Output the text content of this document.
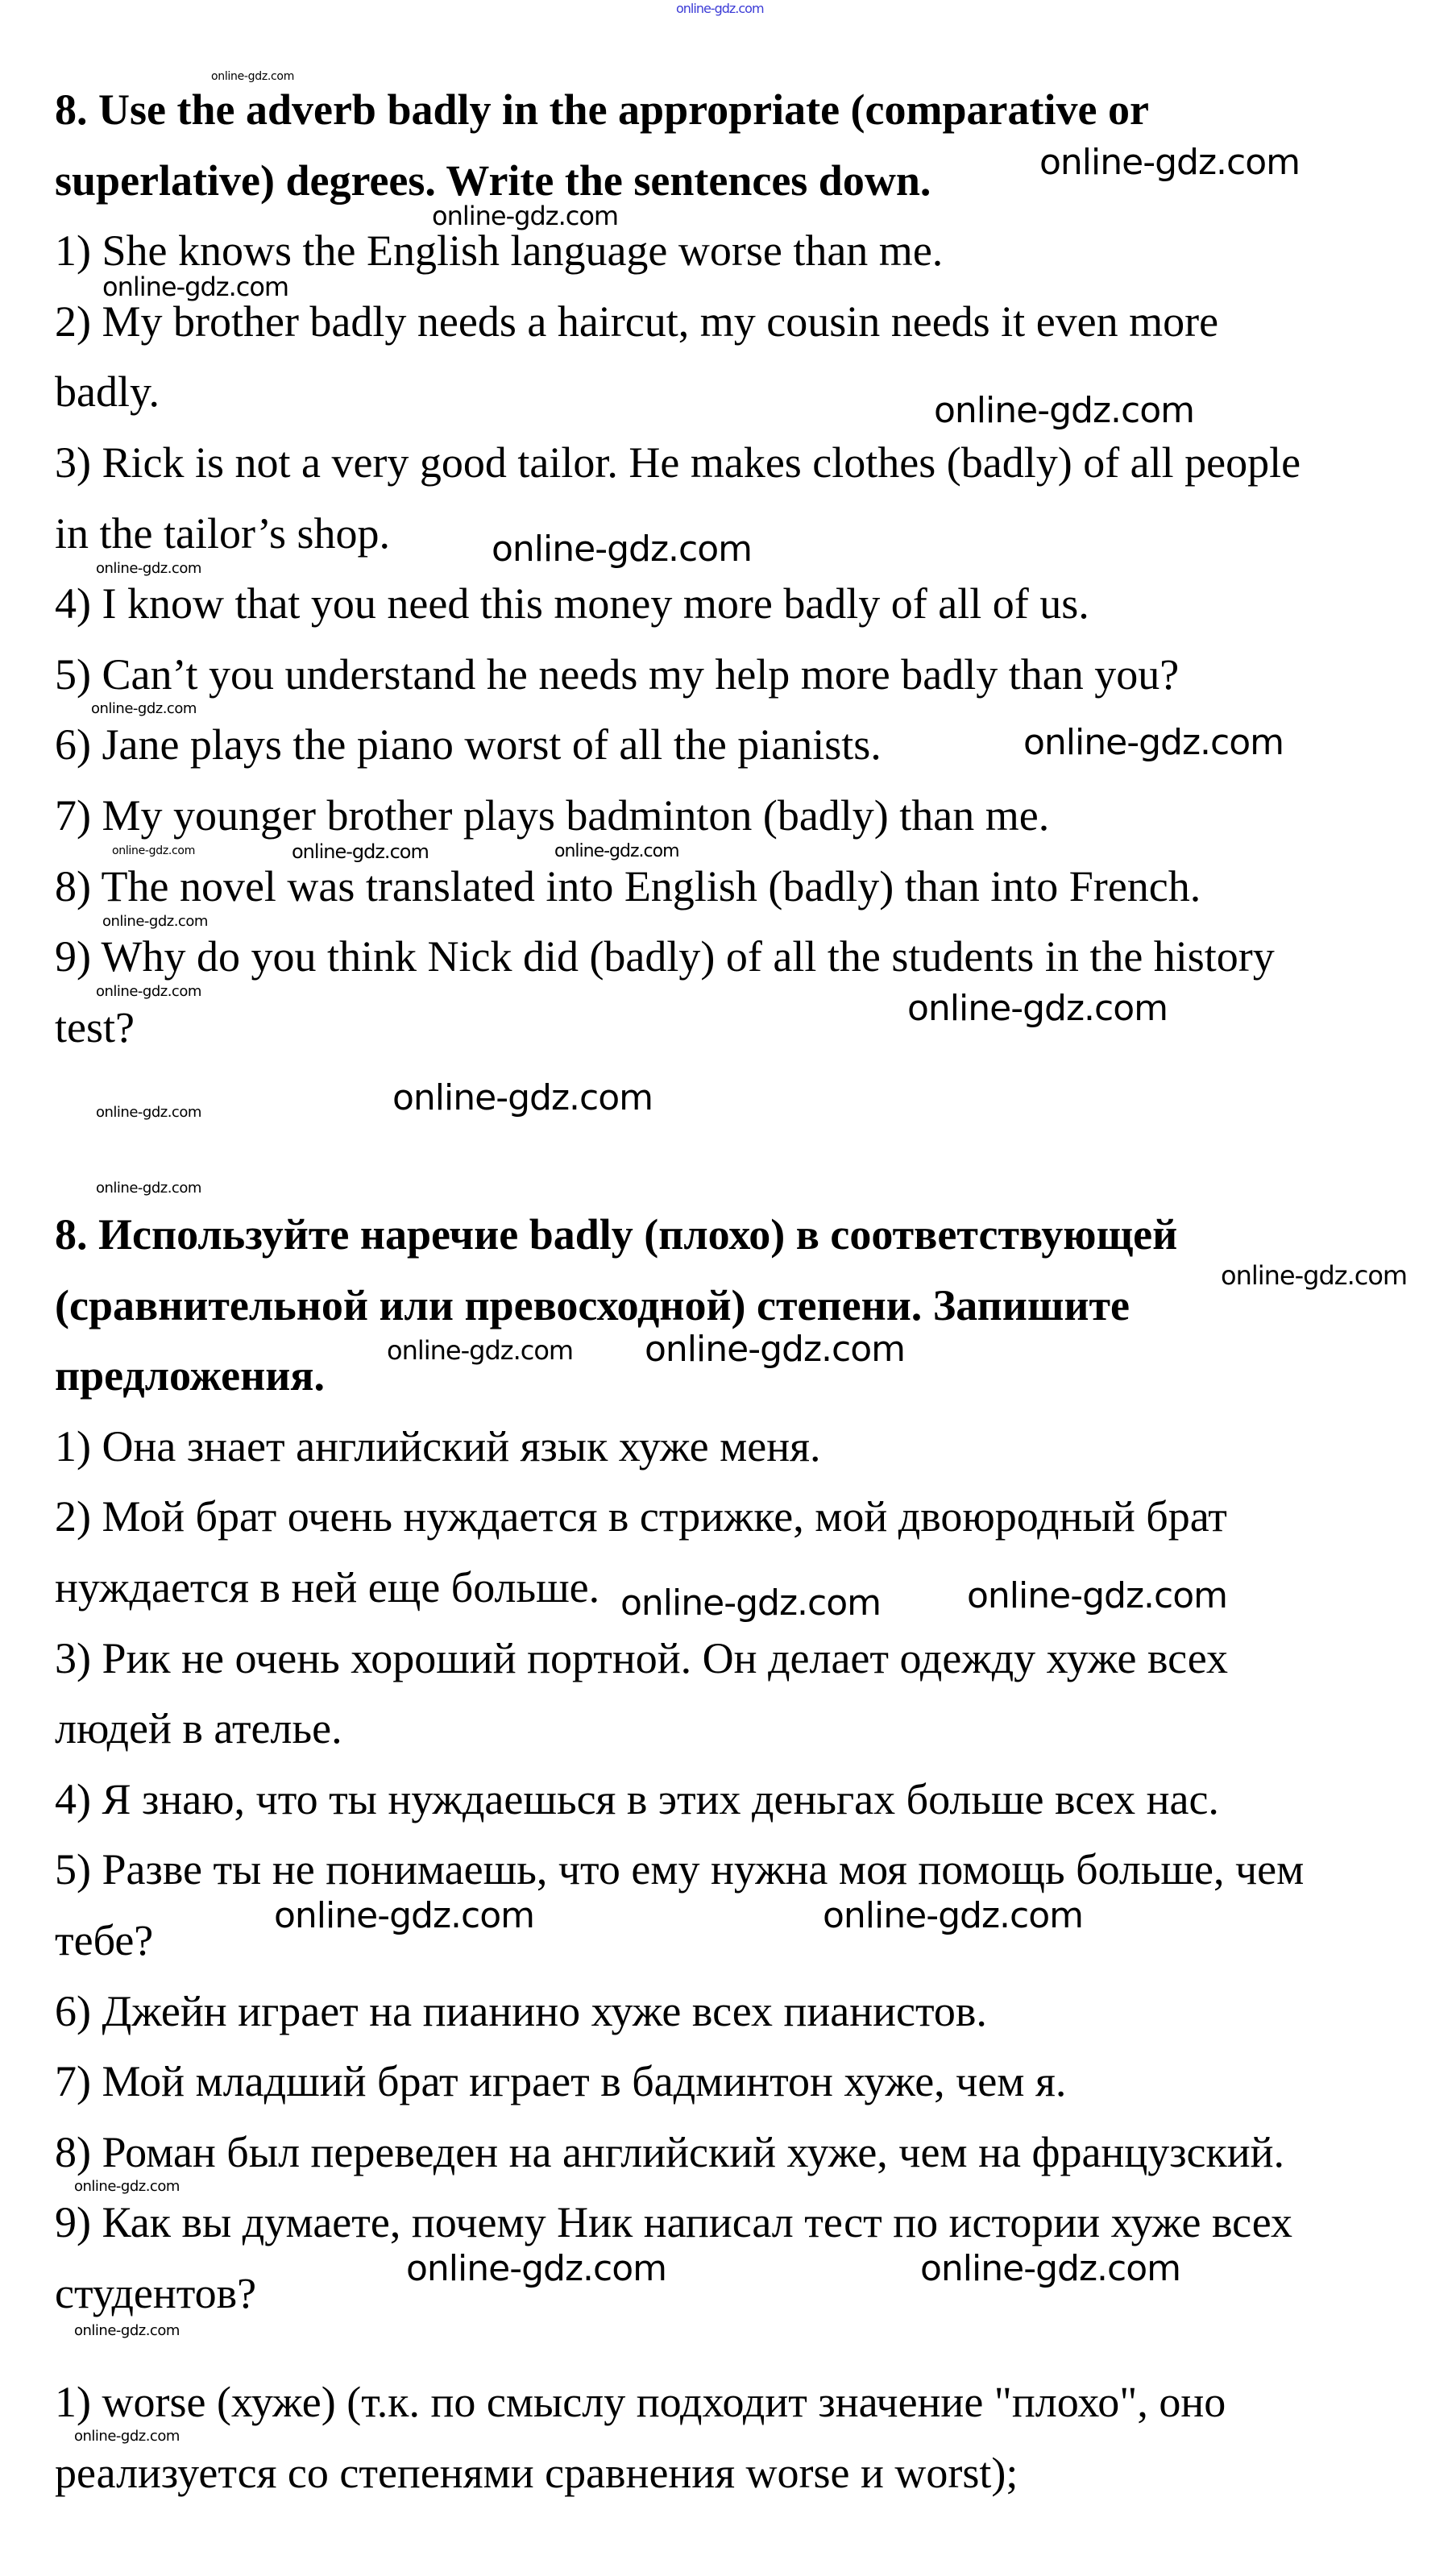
8. Use the adverb badly in the appropriate (comparative or
superlative) degrees. Write the sentences down.
1) She knows the English language worse than me.
2) My brother badly needs a haircut, my cousin needs it even more
badly.
3) Rick is not a very good tailor. He makes clothes (badly) of all people
in the tailor’s shop.
4) I know that you need this money more badly of all of us.
5) Can’t you understand he needs my help more badly than you?
6) Jane plays the piano worst of all the pianists.
7) My younger brother plays badminton (badly) than me.
8) The novel was translated into English (badly) than into French.
9) Why do you think Nick did (badly) of all the students in the history
test?
8. Используйте наречие badly (плохо) в соответствующей
(сравнительной или превосходной) степени. Запишите
предложения.
1) Она знает английский язык хуже меня.
2) Мой брат очень нуждается в стрижке, мой двоюродный брат
нуждается в ней еще больше.
3) Рик не очень хороший портной. Он делает одежду хуже всех
людей в ателье.
4) Я знаю, что ты нуждаешься в этих деньгах больше всех нас.
5) Разве ты не понимаешь, что ему нужна моя помощь больше, чем
тебе?
6) Джейн играет на пианино хуже всех пианистов.
7) Мой младший брат играет в бадминтон хуже, чем я.
8) Роман был переведен на английский хуже, чем на французский.
9) Как вы думаете, почему Ник написал тест по истории хуже всех
студентов?
1) worse (хуже) (т.к. по смыслу подходит значение "плохо", оно
реализуется со степенями сравнения worse и worst);
online-gdz.com
online-gdz.com
online-gdz.com
online-gdz.com
online-gdz.com
online-gdz.com
online-gdz.com
online-gdz.com
online-gdz.com
online-gdz.com
online-gdz.com	online-gdz.com	online-gdz.com
online-gdz.com
online-gdz.com	online-gdz.com
online-gdz.com	online-gdz.com
online-gdz.com
online-gdz.com
online-gdz.com online-gdz.com
online-gdz.com
online-gdz.com
online-gdz.com	online-gdz.com
online-gdz.com
online-gdz.com
online-gdz.com
online-gdz.com
online-gdz.com
